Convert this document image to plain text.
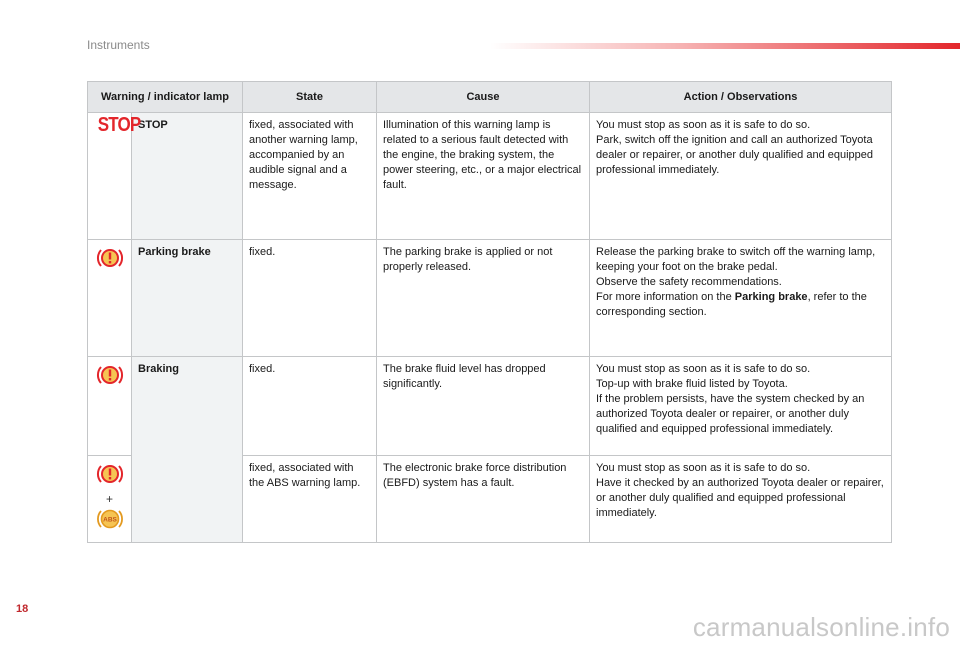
Instruments
Warning / indicator lamp		State	Cause	Action / Observations
STOP	STOP	fixed, associated with another warning lamp, accompanied by an audible signal and a message.	Illumination of this warning lamp is related to a serious fault detected with the engine, the braking system, the power steering, etc., or a major electrical fault.	You must stop as soon as it is safe to do so.
Park, switch off the ignition and call an authorized Toyota dealer or repairer, or another duly qualified and equipped professional immediately.

	Parking brake	fixed.	The parking brake is applied or not properly released.	Release the parking brake to switch off the warning lamp, keeping your foot on the brake pedal.
Observe the safety recommendations.
For more information on the Parking brake, refer to the corresponding section.

	Braking	fixed.	The brake fluid level has dropped significantly.	You must stop as soon as it is safe to do so.
Top-up with brake fluid listed by Toyota.
If the problem persists, have the system checked by an authorized Toyota dealer or repairer, or another duly qualified and equipped professional immediately.

+
ABS		fixed, associated with the ABS warning lamp.	The electronic brake force distribution (EBFD) system has a fault.	You must stop as soon as it is safe to do so.
Have it checked by an authorized Toyota dealer or repairer, or another duly qualified and equipped professional immediately.
18
carmanualsonline.info
